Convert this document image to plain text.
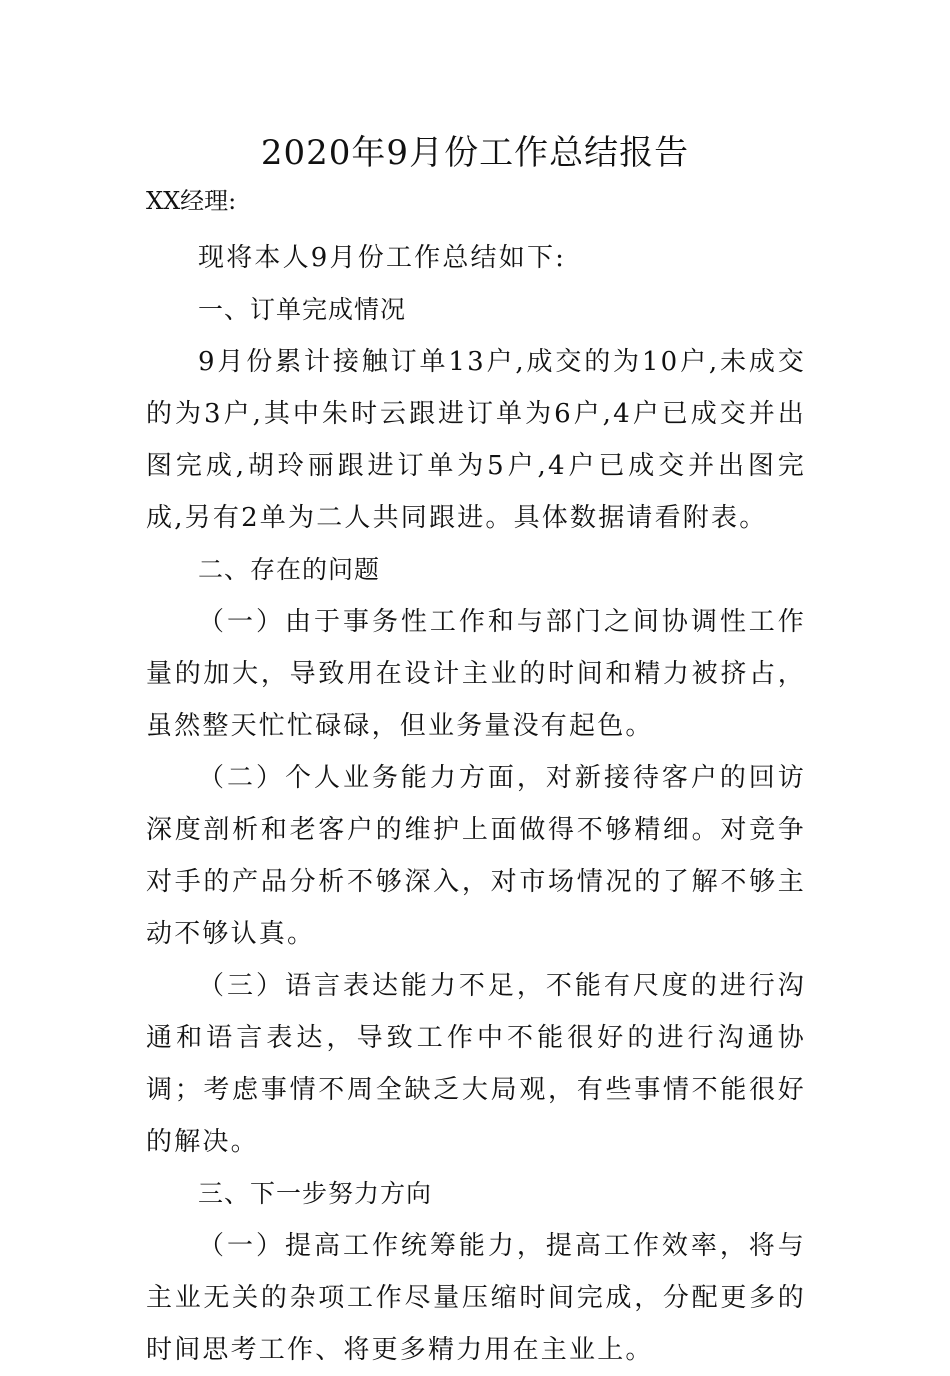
2020年9月份工作总结报告

XX经理:

现将本人9月份工作总结如下:

一、订单完成情况

9月份累计接触订单13户,成交的为10户,未成交的为3户,其中朱时云跟进订单为6户,4户已成交并出图完成,胡玲丽跟进订单为5户,4户已成交并出图完成,另有2单为二人共同跟进。具体数据请看附表。

二、存在的问题

（一）由于事务性工作和与部门之间协调性工作量的加大，导致用在设计主业的时间和精力被挤占，虽然整天忙忙碌碌，但业务量没有起色。

（二）个人业务能力方面，对新接待客户的回访深度剖析和老客户的维护上面做得不够精细。对竞争对手的产品分析不够深入，对市场情况的了解不够主动不够认真。

（三）语言表达能力不足，不能有尺度的进行沟通和语言表达，导致工作中不能很好的进行沟通协调；考虑事情不周全缺乏大局观，有些事情不能很好的解决。

三、下一步努力方向

（一）提高工作统筹能力，提高工作效率，将与主业无关的杂项工作尽量压缩时间完成，分配更多的时间思考工作、将更多精力用在主业上。
